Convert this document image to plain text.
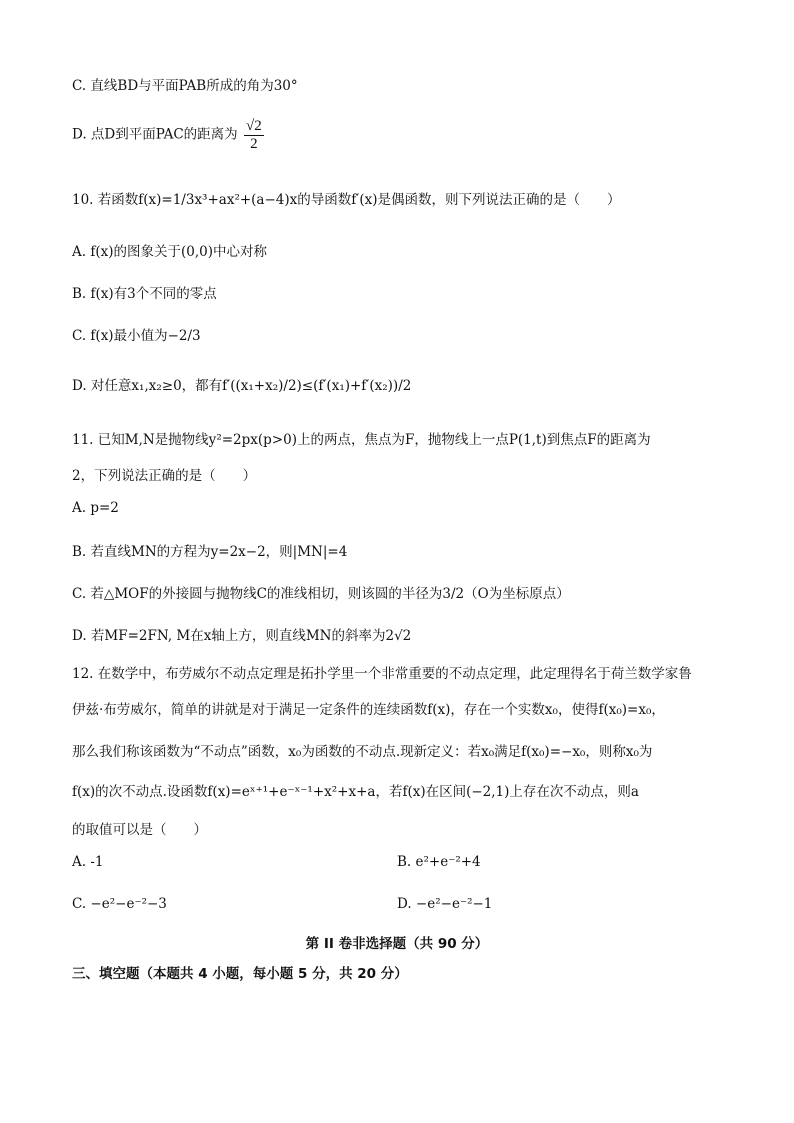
C. 直线BD与平面PAB所成的角为30°
D. 点D到平面PAC的距离为 $\frac{√2}{2}$
10. 若函数f(x)=1/3x³+ax²+(a−4)x的导函数f′(x)是偶函数，则下列说法正确的是（　　）
A. f(x)的图象关于(0,0)中心对称
B. f(x)有3个不同的零点
C. f(x)最小值为−2/3
D. 对任意x₁,x₂≥0，都有f′((x₁+x₂)/2)≤(f′(x₁)+f′(x₂))/2
11. 已知M,N是抛物线y²=2px(p>0)上的两点，焦点为F，抛物线上一点P(1,t)到焦点F的距离为
2，下列说法正确的是（　　）
A. p=2
B. 若直线MN的方程为y=2x−2，则|MN|=4
C. 若△MOF的外接圆与抛物线C的准线相切，则该圆的半径为3/2（O为坐标原点）
D. 若MF=2FN, M在x轴上方，则直线MN的斜率为2√2
12. 在数学中，布劳威尔不动点定理是拓扑学里一个非常重要的不动点定理，此定理得名于荷兰数学家鲁
伊兹·布劳威尔，简单的讲就是对于满足一定条件的连续函数f(x)，存在一个实数x₀，使得f(x₀)=x₀，
那么我们称该函数为“不动点”函数，x₀为函数的不动点.现新定义：若x₀满足f(x₀)=−x₀，则称x₀为
f(x)的次不动点.设函数f(x)=eˣ⁺¹+e⁻ˣ⁻¹+x²+x+a，若f(x)在区间(−2,1)上存在次不动点，则a
的取值可以是（　　）
A. -1	B. e²+e⁻²+4
C. −e²−e⁻²−3	D. −e²−e⁻²−1
第 II 卷非选择题（共 90 分）
三、填空题（本题共 4 小题，每小题 5 分，共 20 分）
